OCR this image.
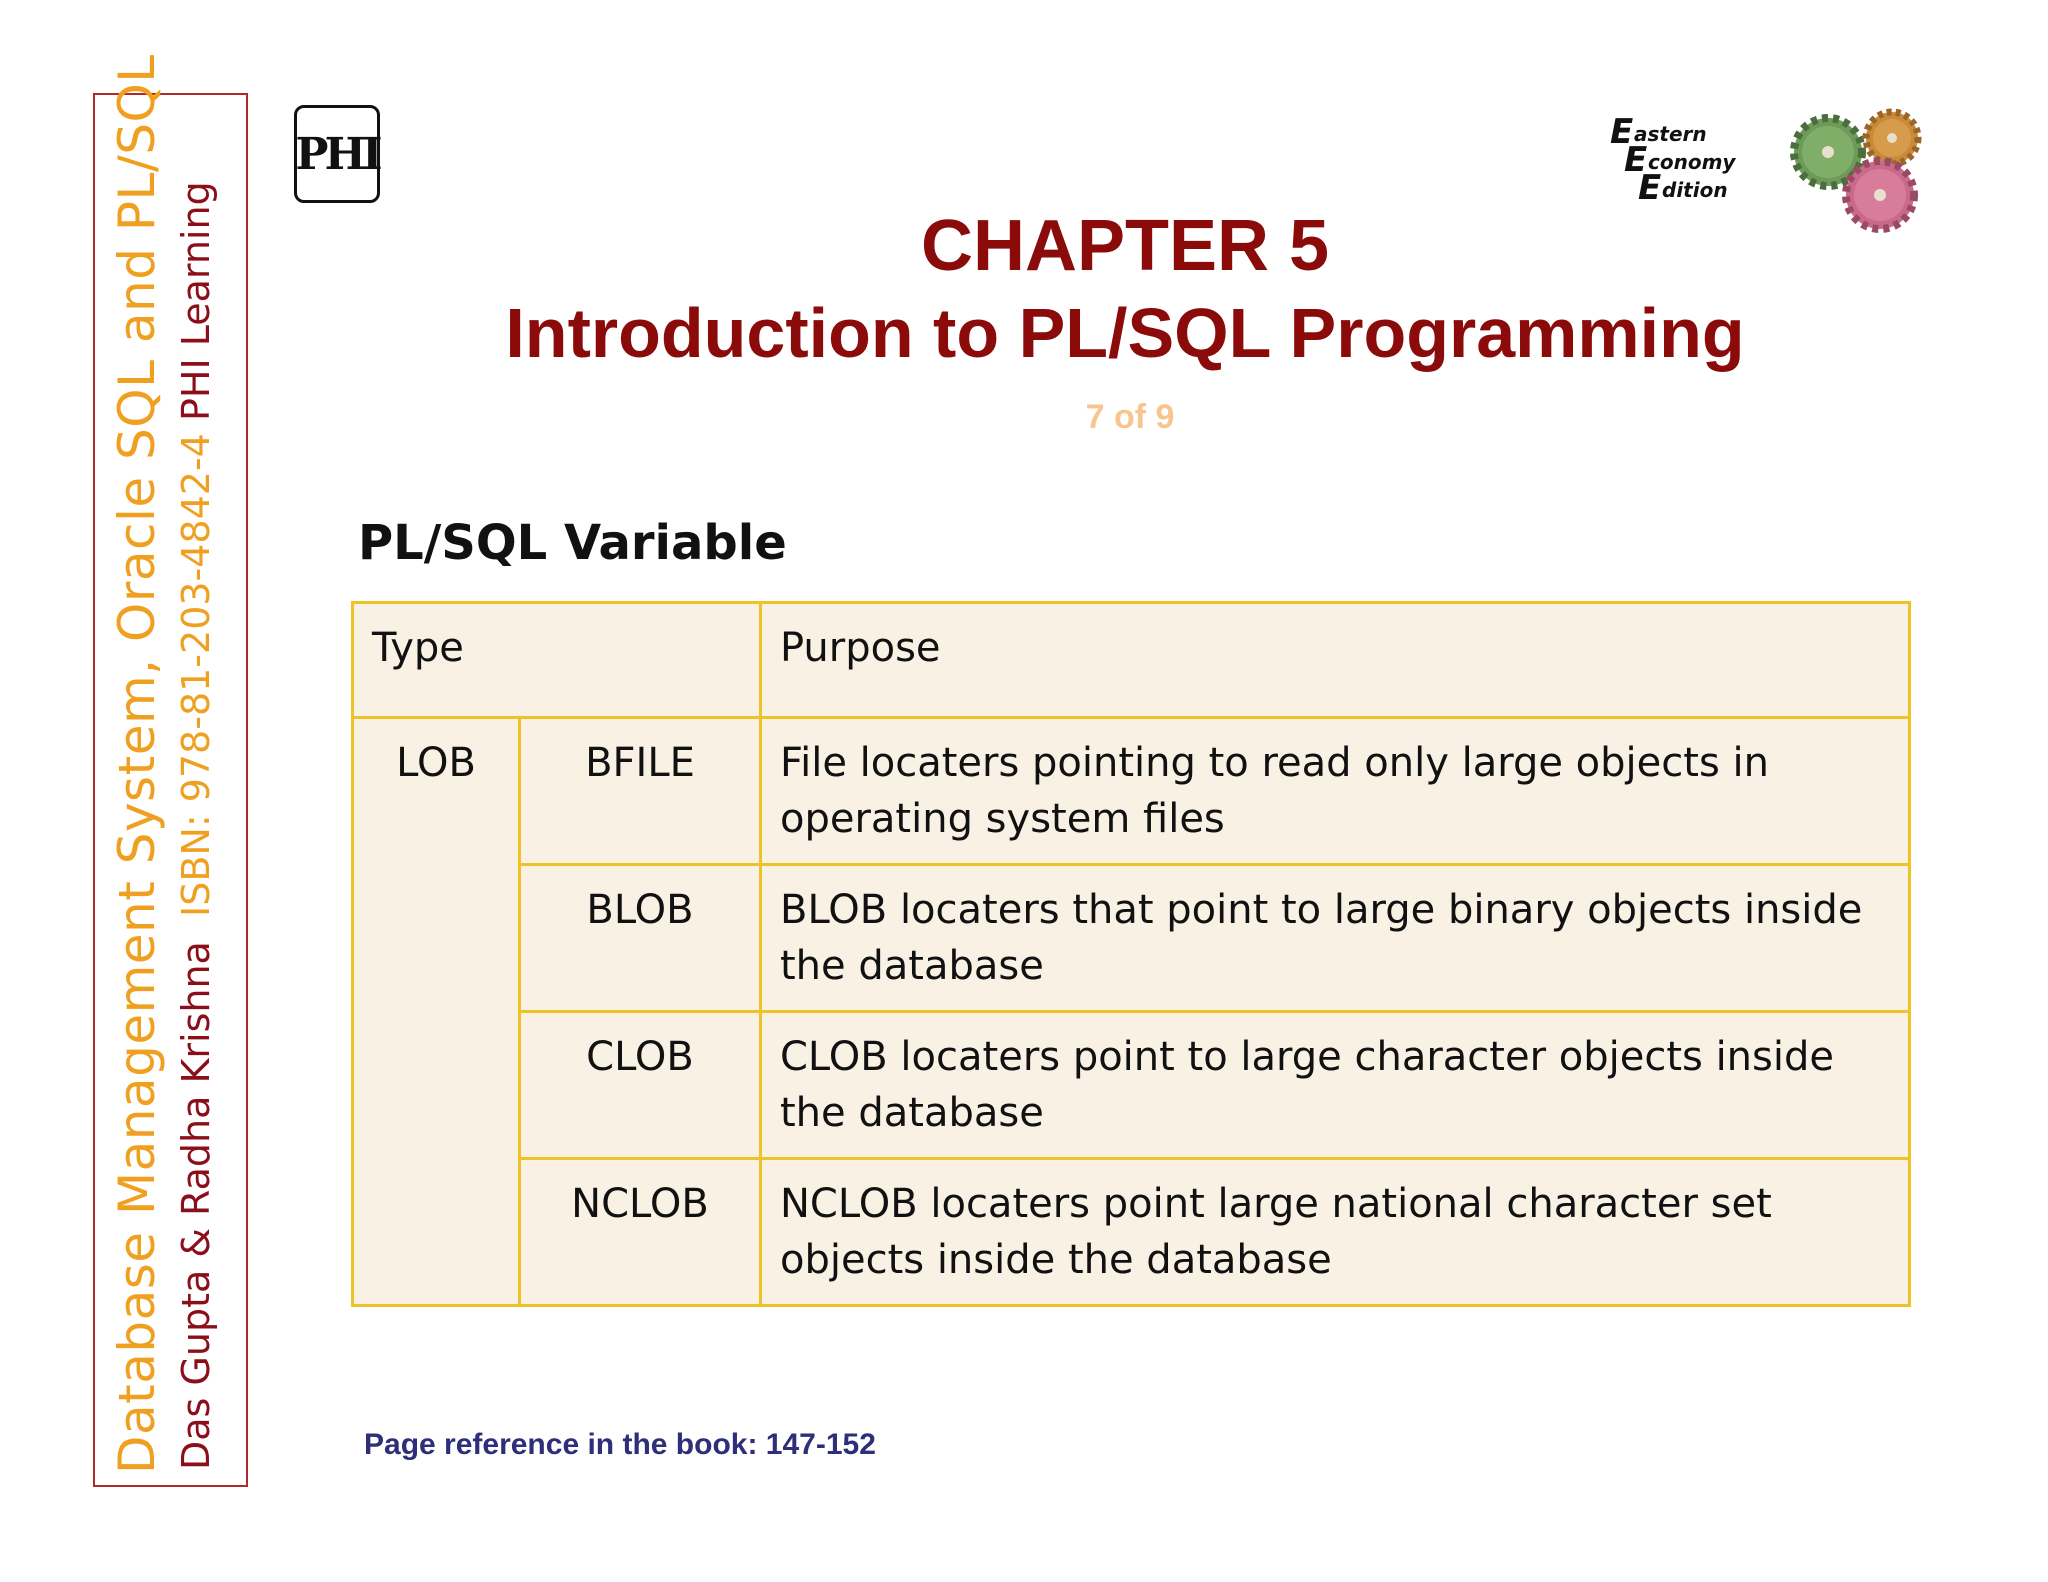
Database Management System, Oracle SQL and PL/SQL Das Gupta & Radha Krishna  ISBN: 978-81-203-4842-4 PHI Learning
PHI	E astern
E conomy
E dition
CHAPTER 5
Introduction to PL/SQL Programming
7 of 9
PL/SQL Variable
Type		Purpose
LOB	BFILE	File locaters pointing to read only large objects in operating system files
	BLOB	BLOB locaters that point to large binary objects inside the database
	CLOB	CLOB locaters point to large character objects inside the database
	NCLOB	NCLOB locaters point large national character set objects inside the database
Page reference in the book: 147-152
